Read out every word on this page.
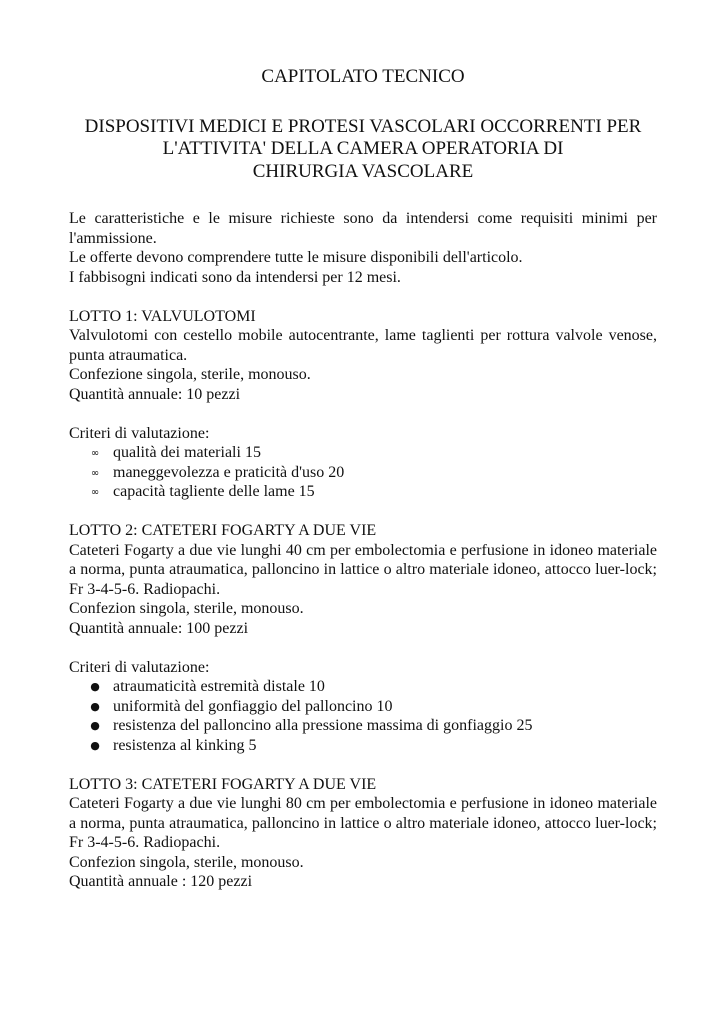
CAPITOLATO TECNICO

DISPOSITIVI MEDICI E PROTESI VASCOLARI OCCORRENTI PER

L'ATTIVITA' DELLA CAMERA OPERATORIA DI

CHIRURGIA VASCOLARE

Le caratteristiche e le misure richieste sono da intendersi come requisiti minimi per l'ammissione.

Le offerte devono comprendere tutte le misure disponibili dell'articolo.

I fabbisogni indicati sono da intendersi per 12 mesi.

LOTTO 1: VALVULOTOMI

Valvulotomi con cestello mobile autocentrante, lame taglienti per rottura valvole venose, punta atraumatica.

Confezione singola, sterile, monouso.

Quantità annuale: 10 pezzi

Criteri di valutazione:

∞ qualità dei materiali 15
∞ maneggevolezza e praticità d'uso 20
∞ capacità tagliente delle lame 15

LOTTO 2: CATETERI FOGARTY A DUE VIE

Cateteri Fogarty a due vie lunghi 40 cm per embolectomia e perfusione in idoneo materiale a norma, punta atraumatica, palloncino in lattice o altro materiale idoneo, attocco luer-lock; Fr 3-4-5-6. Radiopachi.

Confezion singola, sterile, monouso.

Quantità annuale: 100 pezzi

Criteri di valutazione:

● atraumaticità estremità distale 10
● uniformità del gonfiaggio del palloncino 10
● resistenza del palloncino alla pressione massima di gonfiaggio 25
● resistenza al kinking 5

LOTTO 3: CATETERI FOGARTY A DUE VIE

Cateteri Fogarty a due vie lunghi 80 cm per embolectomia e perfusione in idoneo materiale a norma, punta atraumatica, palloncino in lattice o altro materiale idoneo, attocco luer-lock; Fr 3-4-5-6. Radiopachi.

Confezion singola, sterile, monouso.

Quantità annuale : 120 pezzi
